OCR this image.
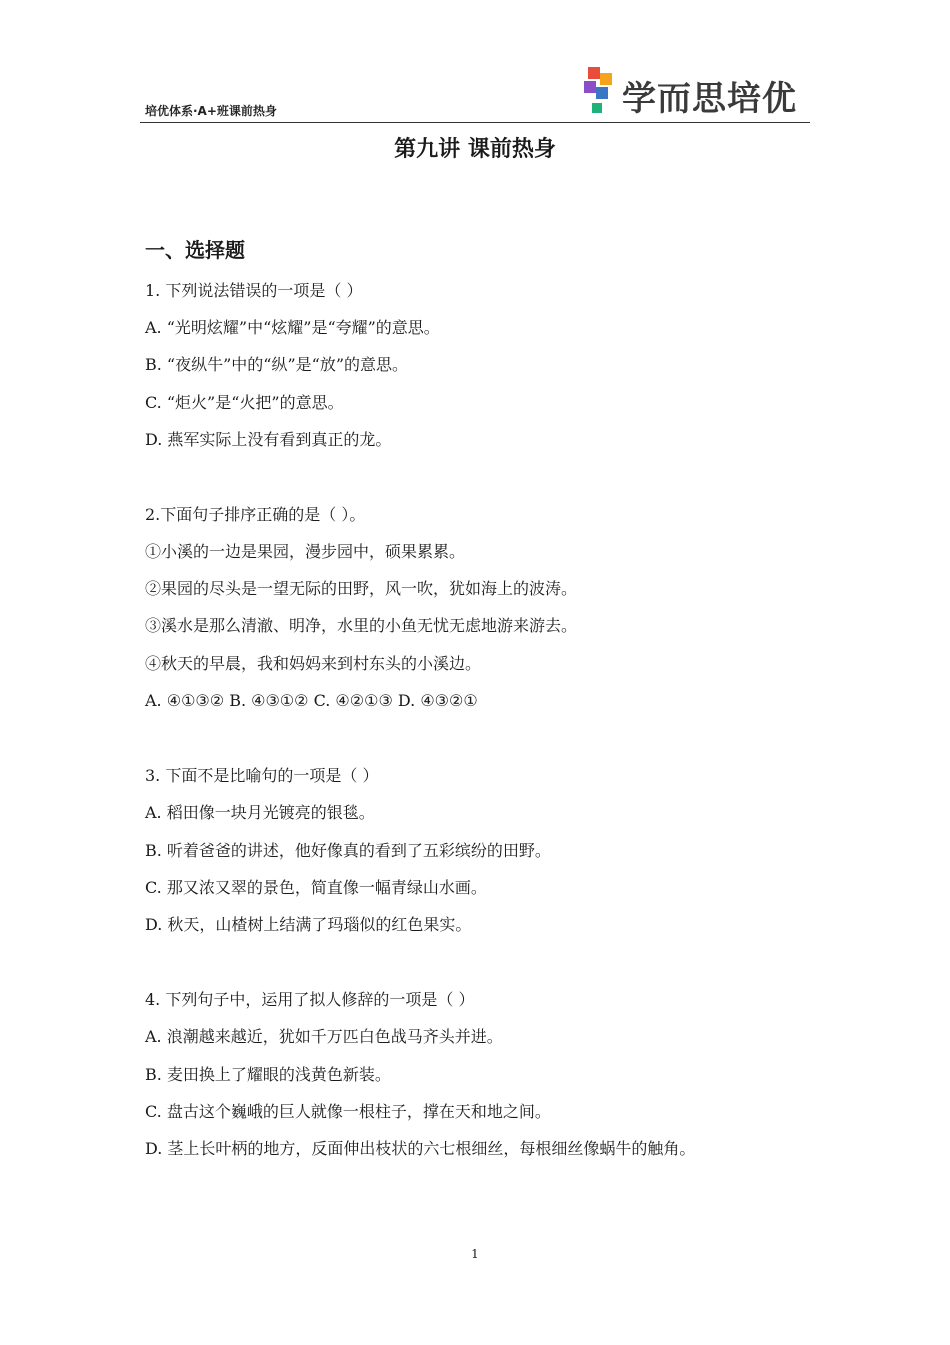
培优体系·A+班课前热身	学而思培优
第九讲 课前热身
一、选择题
1. 下列说法错误的一项是（ ）
A. “光明炫耀”中“炫耀”是“夸耀”的意思。
B. “夜纵牛”中的“纵”是“放”的意思。
C. “炬火”是“火把”的意思。
D. 燕军实际上没有看到真正的龙。
2.下面句子排序正确的是（ ）。
①小溪的一边是果园，漫步园中，硕果累累。
②果园的尽头是一望无际的田野，风一吹，犹如海上的波涛。
③溪水是那么清澈、明净，水里的小鱼无忧无虑地游来游去。
④秋天的早晨，我和妈妈来到村东头的小溪边。
A. ④①③② B. ④③①② C. ④②①③ D. ④③②①
3. 下面不是比喻句的一项是（ ）
A. 稻田像一块月光镀亮的银毯。
B. 听着爸爸的讲述，他好像真的看到了五彩缤纷的田野。
C. 那又浓又翠的景色，简直像一幅青绿山水画。
D. 秋天，山楂树上结满了玛瑙似的红色果实。
4. 下列句子中，运用了拟人修辞的一项是（ ）
A. 浪潮越来越近，犹如千万匹白色战马齐头并进。
B. 麦田换上了耀眼的浅黄色新装。
C. 盘古这个巍峨的巨人就像一根柱子，撑在天和地之间。
D. 茎上长叶柄的地方，反面伸出枝状的六七根细丝，每根细丝像蜗牛的触角。
1
